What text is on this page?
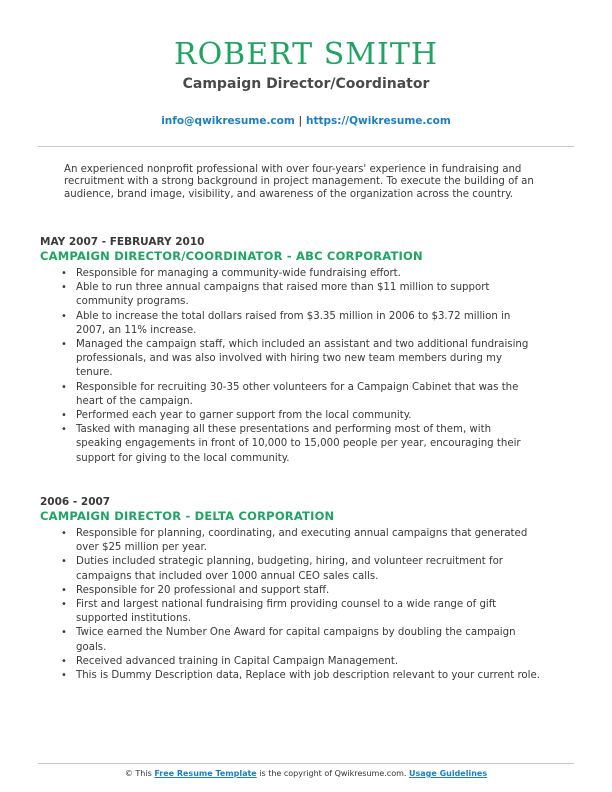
ROBERT SMITH
Campaign Director/Coordinator
info@qwikresume.com | https://Qwikresume.com
An experienced nonprofit professional with over four-years' experience in fundraising and recruitment with a strong background in project management. To execute the building of an audience, brand image, visibility, and awareness of the organization across the country.
MAY 2007 - FEBRUARY 2010
CAMPAIGN DIRECTOR/COORDINATOR - ABC CORPORATION
• Responsible for managing a community-wide fundraising effort.
• Able to run three annual campaigns that raised more than $11 million to support community programs.
• Able to increase the total dollars raised from $3.35 million in 2006 to $3.72 million in 2007, an 11% increase.
• Managed the campaign staff, which included an assistant and two additional fundraising professionals, and was also involved with hiring two new team members during my tenure.
• Responsible for recruiting 30-35 other volunteers for a Campaign Cabinet that was the heart of the campaign.
• Performed each year to garner support from the local community.
• Tasked with managing all these presentations and performing most of them, with speaking engagements in front of 10,000 to 15,000 people per year, encouraging their support for giving to the local community.
2006 - 2007
CAMPAIGN DIRECTOR - DELTA CORPORATION
• Responsible for planning, coordinating, and executing annual campaigns that generated over $25 million per year.
• Duties included strategic planning, budgeting, hiring, and volunteer recruitment for campaigns that included over 1000 annual CEO sales calls.
• Responsible for 20 professional and support staff.
• First and largest national fundraising firm providing counsel to a wide range of gift supported institutions.
• Twice earned the Number One Award for capital campaigns by doubling the campaign goals.
• Received advanced training in Capital Campaign Management.
• This is Dummy Description data, Replace with job description relevant to your current role.
© This Free Resume Template is the copyright of Qwikresume.com. Usage Guidelines
